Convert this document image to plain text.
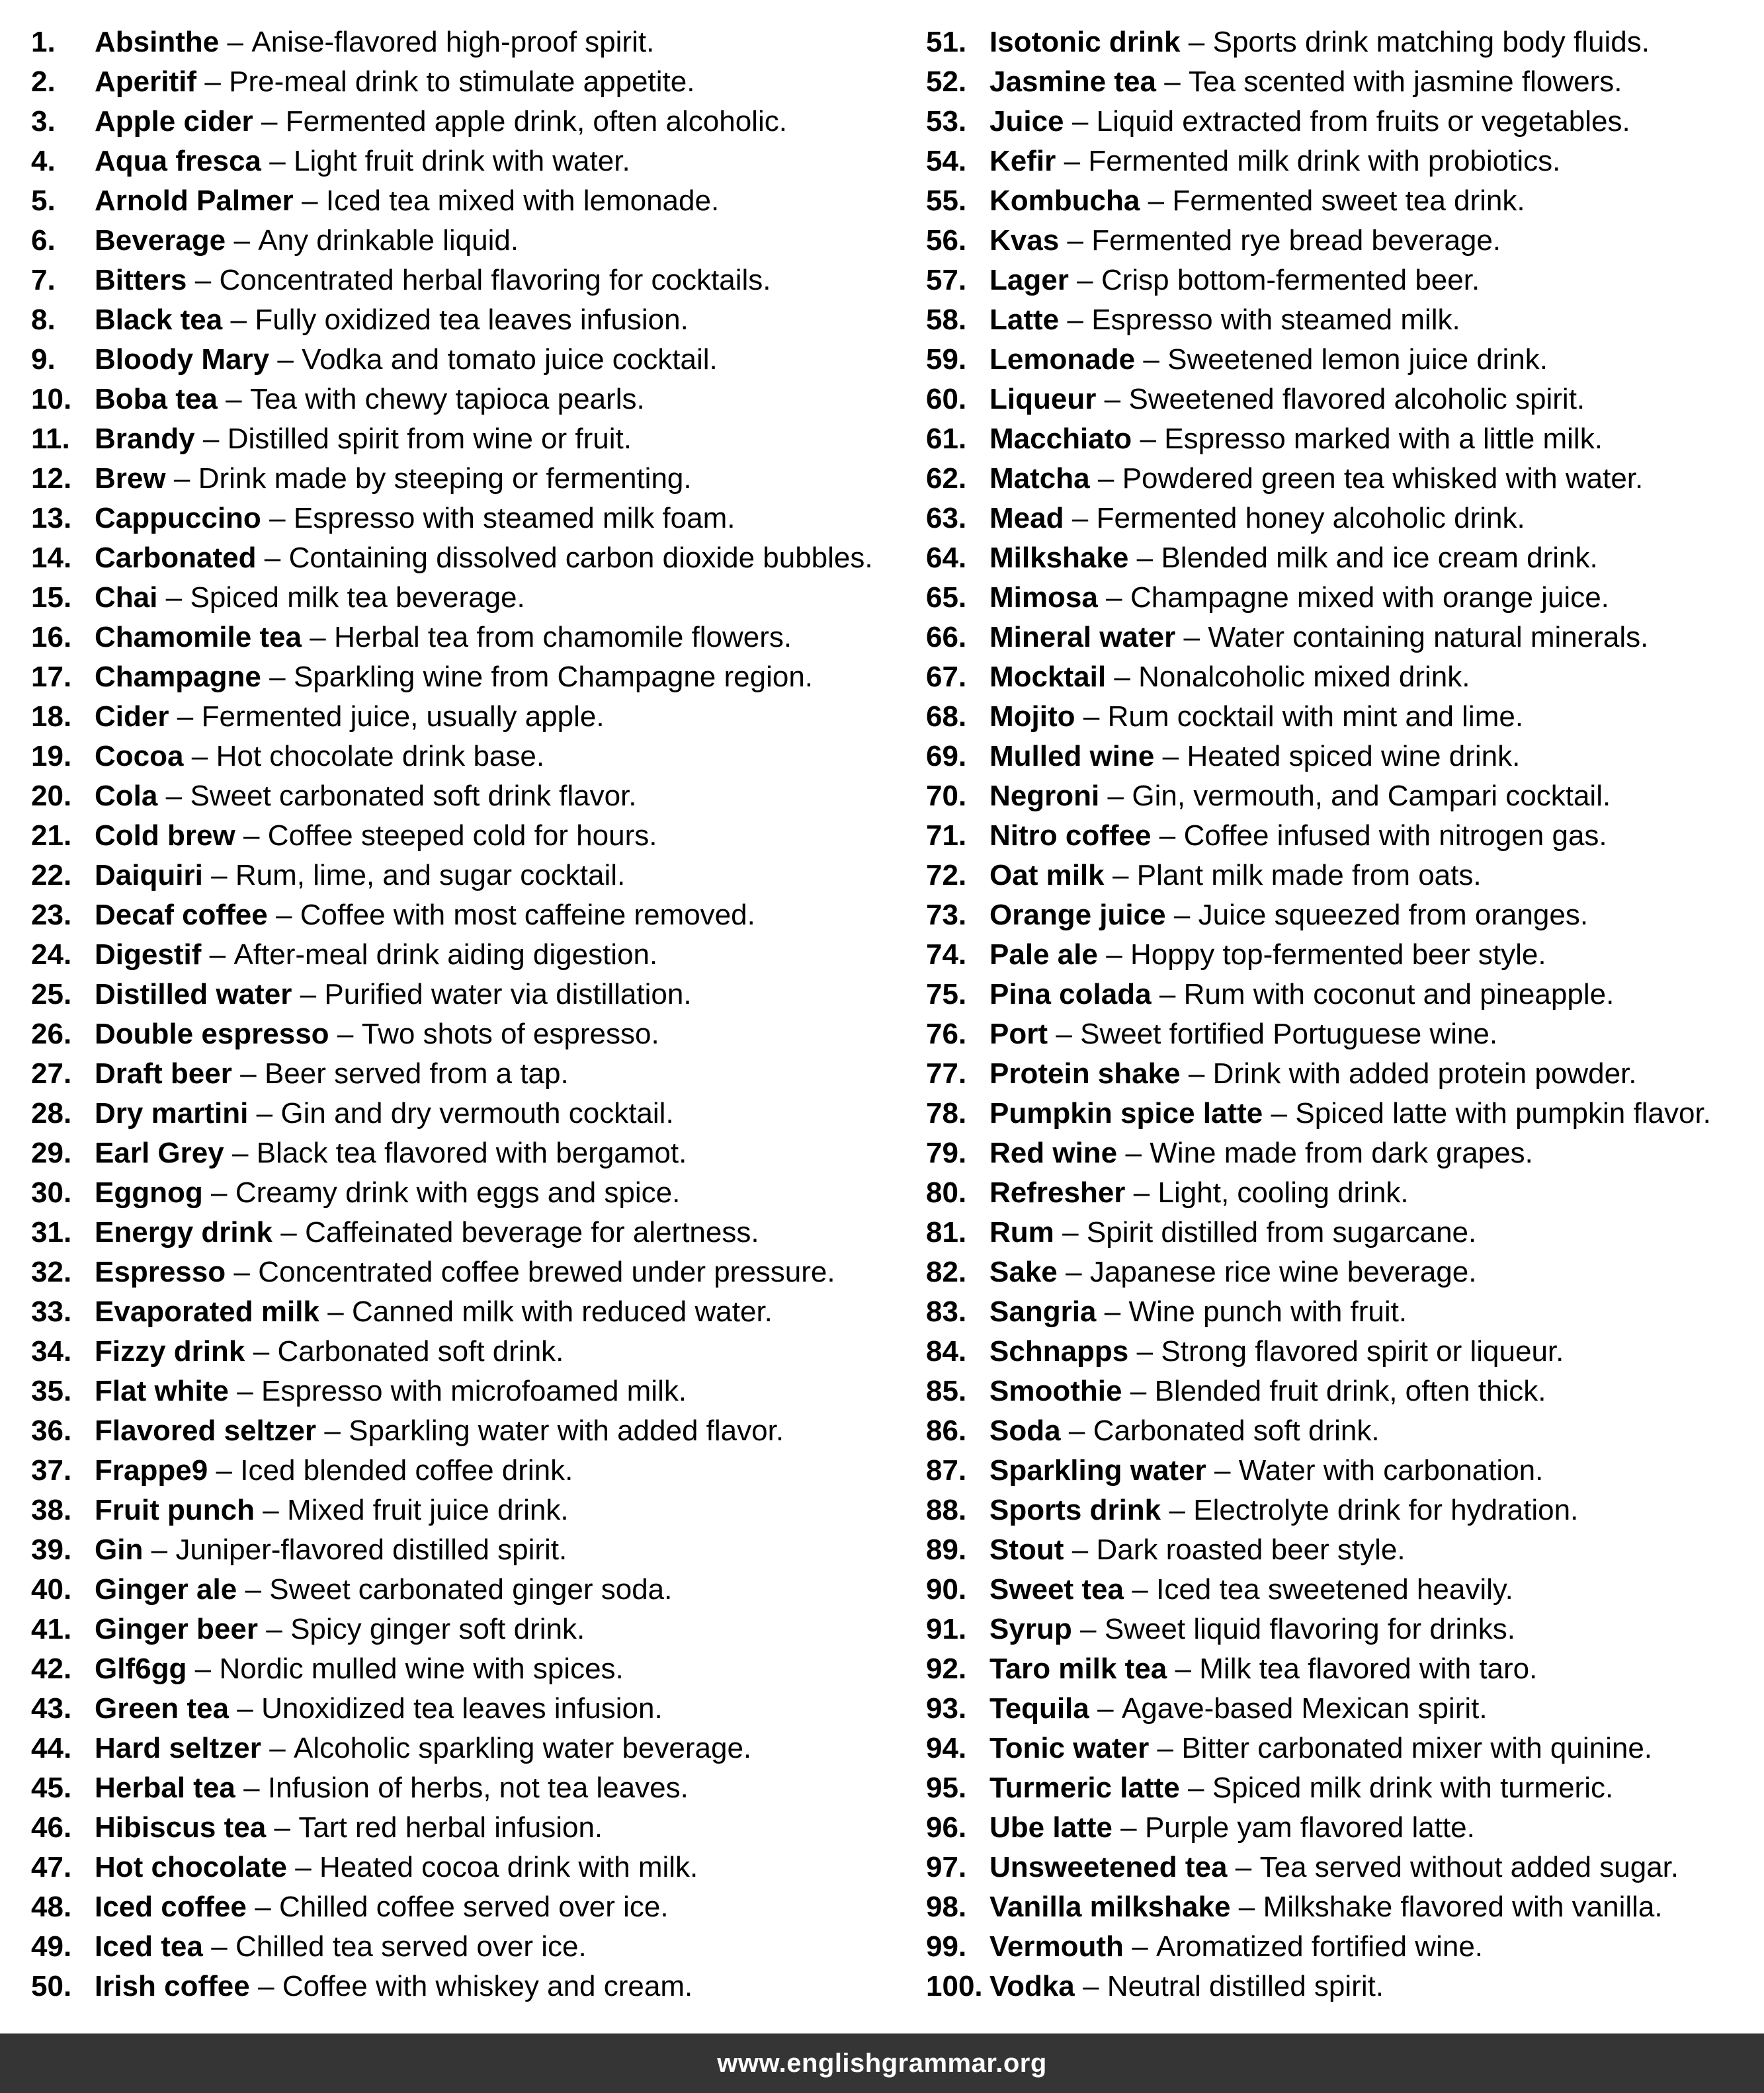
1.	Absinthe – Anise-flavored high-proof spirit.
2.	Aperitif – Pre-meal drink to stimulate appetite.
3.	Apple cider – Fermented apple drink, often alcoholic.
4.	Aqua fresca – Light fruit drink with water.
5.	Arnold Palmer – Iced tea mixed with lemonade.
6.	Beverage – Any drinkable liquid.
7.	Bitters – Concentrated herbal flavoring for cocktails.
8.	Black tea – Fully oxidized tea leaves infusion.
9.	Bloody Mary – Vodka and tomato juice cocktail.
10. Boba tea – Tea with chewy tapioca pearls.
11. Brandy – Distilled spirit from wine or fruit.
12. Brew – Drink made by steeping or fermenting.
13. Cappuccino – Espresso with steamed milk foam.
14. Carbonated – Containing dissolved carbon dioxide bubbles.
15. Chai – Spiced milk tea beverage.
16. Chamomile tea – Herbal tea from chamomile flowers.
17. Champagne – Sparkling wine from Champagne region.
18. Cider – Fermented juice, usually apple.
19. Cocoa – Hot chocolate drink base.
20. Cola – Sweet carbonated soft drink flavor.
21. Cold brew – Coffee steeped cold for hours.
22. Daiquiri – Rum, lime, and sugar cocktail.
23. Decaf coffee – Coffee with most caffeine removed.
24. Digestif – After-meal drink aiding digestion.
25. Distilled water – Purified water via distillation.
26. Double espresso – Two shots of espresso.
27. Draft beer – Beer served from a tap.
28. Dry martini – Gin and dry vermouth cocktail.
29. Earl Grey – Black tea flavored with bergamot.
30. Eggnog – Creamy drink with eggs and spice.
31. Energy drink – Caffeinated beverage for alertness.
32. Espresso – Concentrated coffee brewed under pressure.
33. Evaporated milk – Canned milk with reduced water.
34. Fizzy drink – Carbonated soft drink.
35. Flat white – Espresso with microfoamed milk.
36. Flavored seltzer – Sparkling water with added flavor.
37. Frappe9 – Iced blended coffee drink.
38. Fruit punch – Mixed fruit juice drink.
39. Gin – Juniper-flavored distilled spirit.
40. Ginger ale – Sweet carbonated ginger soda.
41. Ginger beer – Spicy ginger soft drink.
42. Glf6gg – Nordic mulled wine with spices.
43. Green tea – Unoxidized tea leaves infusion.
44. Hard seltzer – Alcoholic sparkling water beverage.
45. Herbal tea – Infusion of herbs, not tea leaves.
46. Hibiscus tea – Tart red herbal infusion.
47. Hot chocolate – Heated cocoa drink with milk.
48. Iced coffee – Chilled coffee served over ice.
49. Iced tea – Chilled tea served over ice.
50. Irish coffee – Coffee with whiskey and cream.
51. Isotonic drink – Sports drink matching body fluids.
52. Jasmine tea – Tea scented with jasmine flowers.
53. Juice – Liquid extracted from fruits or vegetables.
54. Kefir – Fermented milk drink with probiotics.
55. Kombucha – Fermented sweet tea drink.
56. Kvas – Fermented rye bread beverage.
57. Lager – Crisp bottom-fermented beer.
58. Latte – Espresso with steamed milk.
59. Lemonade – Sweetened lemon juice drink.
60. Liqueur – Sweetened flavored alcoholic spirit.
61. Macchiato – Espresso marked with a little milk.
62. Matcha – Powdered green tea whisked with water.
63. Mead – Fermented honey alcoholic drink.
64. Milkshake – Blended milk and ice cream drink.
65. Mimosa – Champagne mixed with orange juice.
66. Mineral water – Water containing natural minerals.
67. Mocktail – Nonalcoholic mixed drink.
68. Mojito – Rum cocktail with mint and lime.
69. Mulled wine – Heated spiced wine drink.
70. Negroni – Gin, vermouth, and Campari cocktail.
71. Nitro coffee – Coffee infused with nitrogen gas.
72. Oat milk – Plant milk made from oats.
73. Orange juice – Juice squeezed from oranges.
74. Pale ale – Hoppy top-fermented beer style.
75. Pina colada – Rum with coconut and pineapple.
76. Port – Sweet fortified Portuguese wine.
77. Protein shake – Drink with added protein powder.
78. Pumpkin spice latte – Spiced latte with pumpkin flavor.
79. Red wine – Wine made from dark grapes.
80. Refresher – Light, cooling drink.
81. Rum – Spirit distilled from sugarcane.
82. Sake – Japanese rice wine beverage.
83. Sangria – Wine punch with fruit.
84. Schnapps – Strong flavored spirit or liqueur.
85. Smoothie – Blended fruit drink, often thick.
86. Soda – Carbonated soft drink.
87. Sparkling water – Water with carbonation.
88. Sports drink – Electrolyte drink for hydration.
89. Stout – Dark roasted beer style.
90. Sweet tea – Iced tea sweetened heavily.
91. Syrup – Sweet liquid flavoring for drinks.
92. Taro milk tea – Milk tea flavored with taro.
93. Tequila – Agave-based Mexican spirit.
94. Tonic water – Bitter carbonated mixer with quinine.
95. Turmeric latte – Spiced milk drink with turmeric.
96. Ube latte – Purple yam flavored latte.
97. Unsweetened tea – Tea served without added sugar.
98. Vanilla milkshake – Milkshake flavored with vanilla.
99. Vermouth – Aromatized fortified wine.
100. Vodka – Neutral distilled spirit.
www.englishgrammar.org
